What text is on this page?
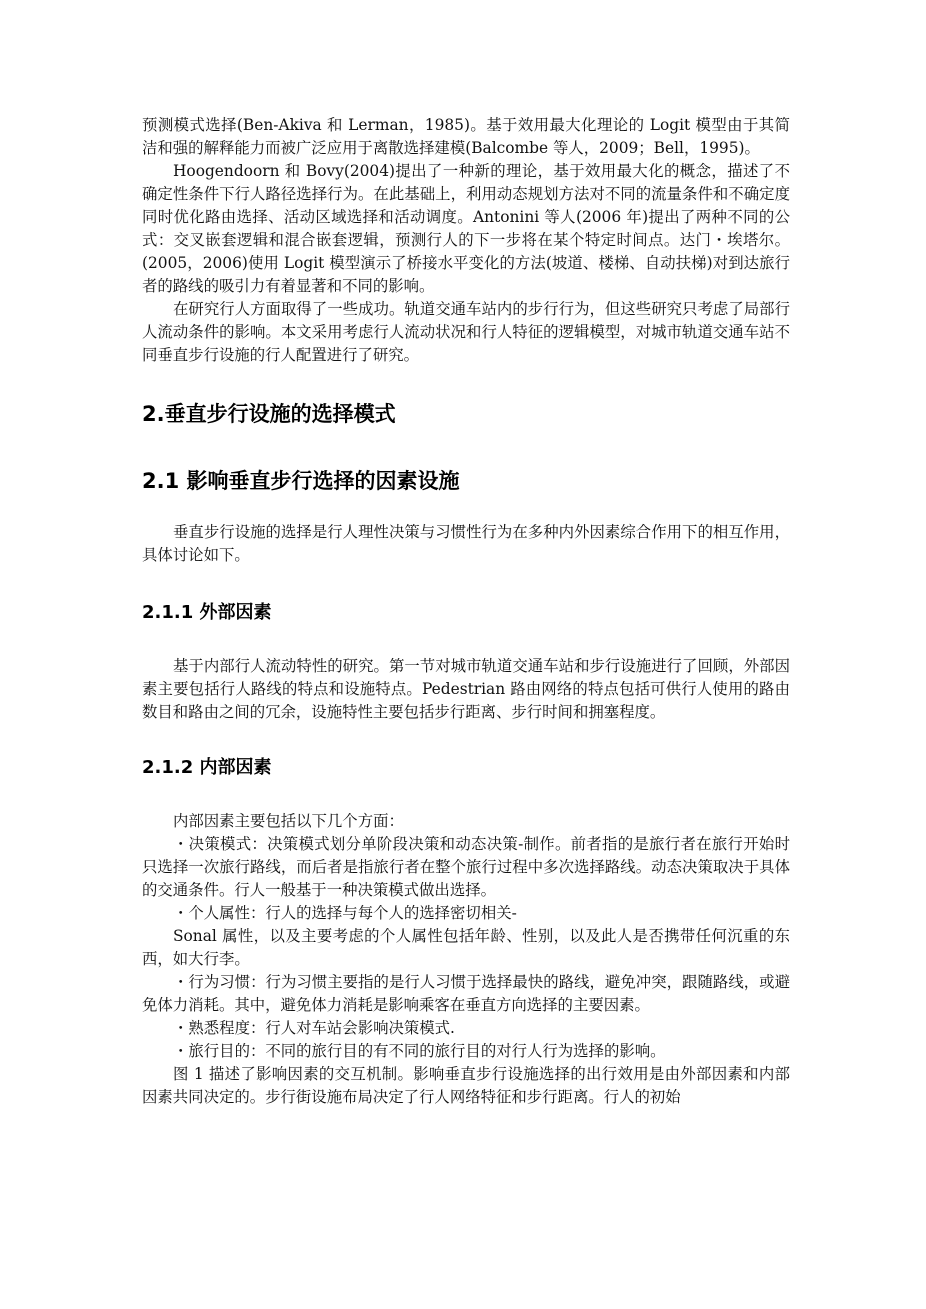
预测模式选择(Ben-Akiva 和 Lerman，1985)。基于效用最大化理论的 Logit 模型由于其简洁和强的解释能力而被广泛应用于离散选择建模(Balcombe 等人，2009；Bell，1995)。

Hoogendoorn 和 Bovy(2004)提出了一种新的理论，基于效用最大化的概念，描述了不确定性条件下行人路径选择行为。在此基础上，利用动态规划方法对不同的流量条件和不确定度同时优化路由选择、活动区域选择和活动调度。Antonini 等人(2006 年)提出了两种不同的公式：交叉嵌套逻辑和混合嵌套逻辑，预测行人的下一步将在某个特定时间点。达门・埃塔尔。(2005，2006)使用 Logit 模型演示了桥接水平变化的方法(坡道、楼梯、自动扶梯)对到达旅行者的路线的吸引力有着显著和不同的影响。

在研究行人方面取得了一些成功。轨道交通车站内的步行行为，但这些研究只考虑了局部行人流动条件的影响。本文采用考虑行人流动状况和行人特征的逻辑模型，对城市轨道交通车站不同垂直步行设施的行人配置进行了研究。

2.垂直步行设施的选择模式
2.1 影响垂直步行选择的因素设施

垂直步行设施的选择是行人理性决策与习惯性行为在多种内外因素综合作用下的相互作用，具体讨论如下。

2.1.1 外部因素

基于内部行人流动特性的研究。第一节对城市轨道交通车站和步行设施进行了回顾，外部因素主要包括行人路线的特点和设施特点。Pedestrian 路由网络的特点包括可供行人使用的路由数目和路由之间的冗余，设施特性主要包括步行距离、步行时间和拥塞程度。

2.1.2 内部因素

内部因素主要包括以下几个方面：

・决策模式：决策模式划分单阶段决策和动态决策-制作。前者指的是旅行者在旅行开始时只选择一次旅行路线，而后者是指旅行者在整个旅行过程中多次选择路线。动态决策取决于具体的交通条件。行人一般基于一种决策模式做出选择。

・个人属性：行人的选择与每个人的选择密切相关-

Sonal 属性，以及主要考虑的个人属性包括年龄、性别，以及此人是否携带任何沉重的东西，如大行李。

・行为习惯：行为习惯主要指的是行人习惯于选择最快的路线，避免冲突，跟随路线，或避免体力消耗。其中，避免体力消耗是影响乘客在垂直方向选择的主要因素。

・熟悉程度：行人对车站会影响决策模式.

・旅行目的：不同的旅行目的有不同的旅行目的对行人行为选择的影响。

图 1 描述了影响因素的交互机制。影响垂直步行设施选择的出行效用是由外部因素和内部因素共同决定的。步行街设施布局决定了行人网络特征和步行距离。行人的初始
